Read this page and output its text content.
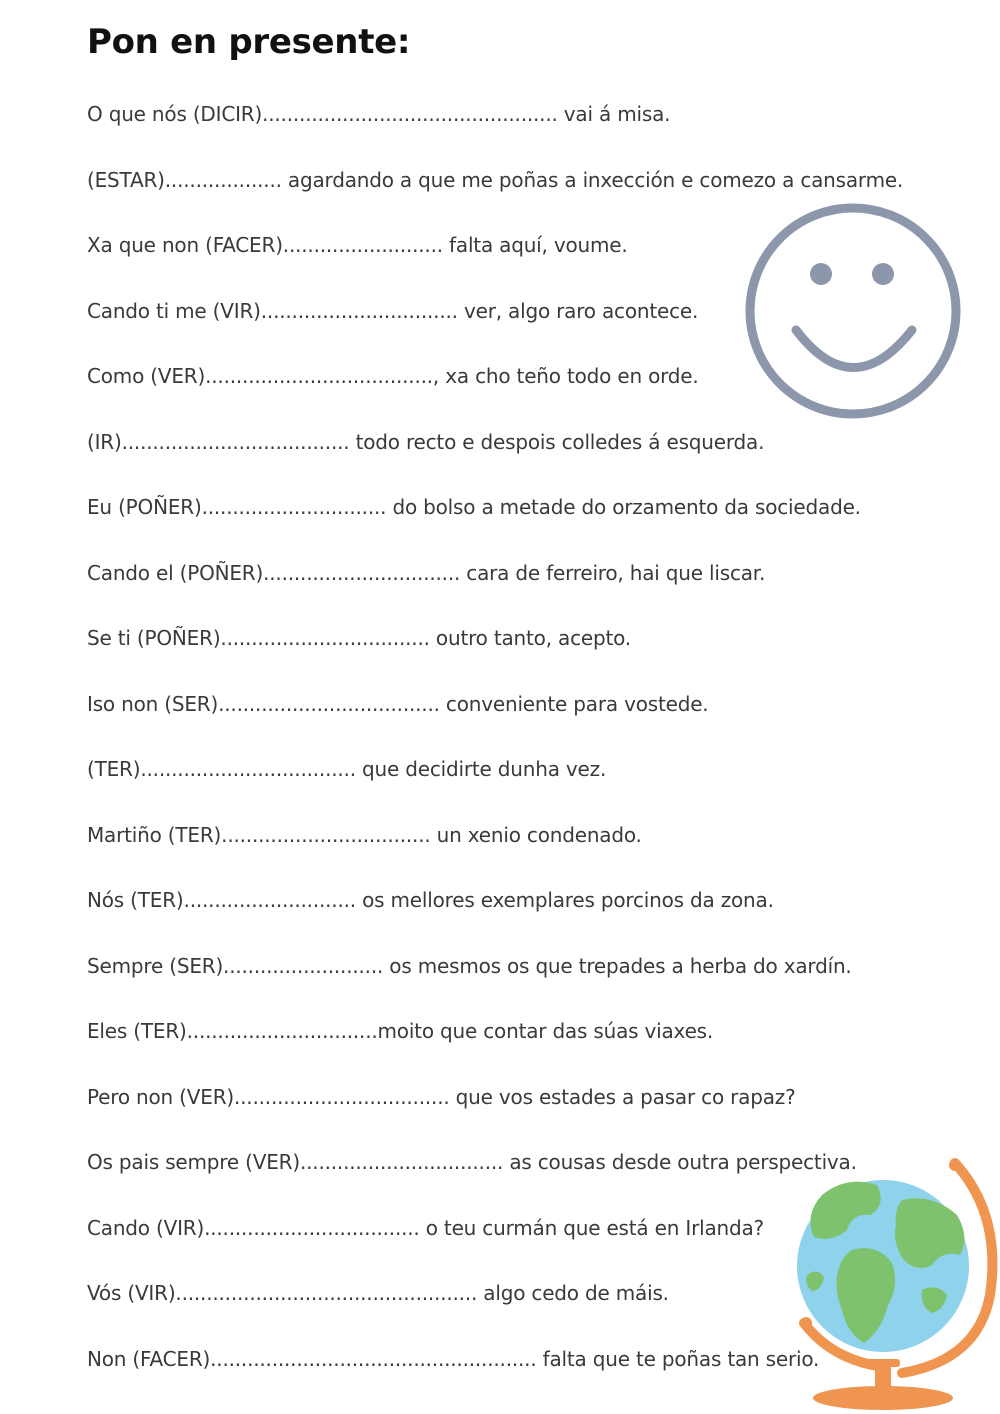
Pon en presente:
O que nós (DICIR)................................................ vai á misa.
(ESTAR)................... agardando a que me poñas a inxección e comezo a cansarme.
Xa que non (FACER).......................... falta aquí, voume.
Cando ti me (VIR)................................ ver, algo raro acontece.
Como (VER)....................................., xa cho teño todo en orde.
(IR)..................................... todo recto e despois colledes á esquerda.
Eu (POÑER).............................. do bolso a metade do orzamento da sociedade.
Cando el (POÑER)................................ cara de ferreiro, hai que liscar.
Se ti (POÑER).................................. outro tanto, acepto.
Iso non (SER).................................... conveniente para vostede.
(TER)................................... que decidirte dunha vez.
Martiño (TER).................................. un xenio condenado.
Nós (TER)............................ os mellores exemplares porcinos da zona.
Sempre (SER).......................... os mesmos os que trepades a herba do xardín.
Eles (TER)...............................moito que contar das súas viaxes.
Pero non (VER)................................... que vos estades a pasar co rapaz?
Os pais sempre (VER)................................. as cousas desde outra perspectiva.
Cando (VIR)................................... o teu curmán que está en Irlanda?
Vós (VIR)................................................. algo cedo de máis.
Non (FACER)..................................................... falta que te poñas tan serio.
